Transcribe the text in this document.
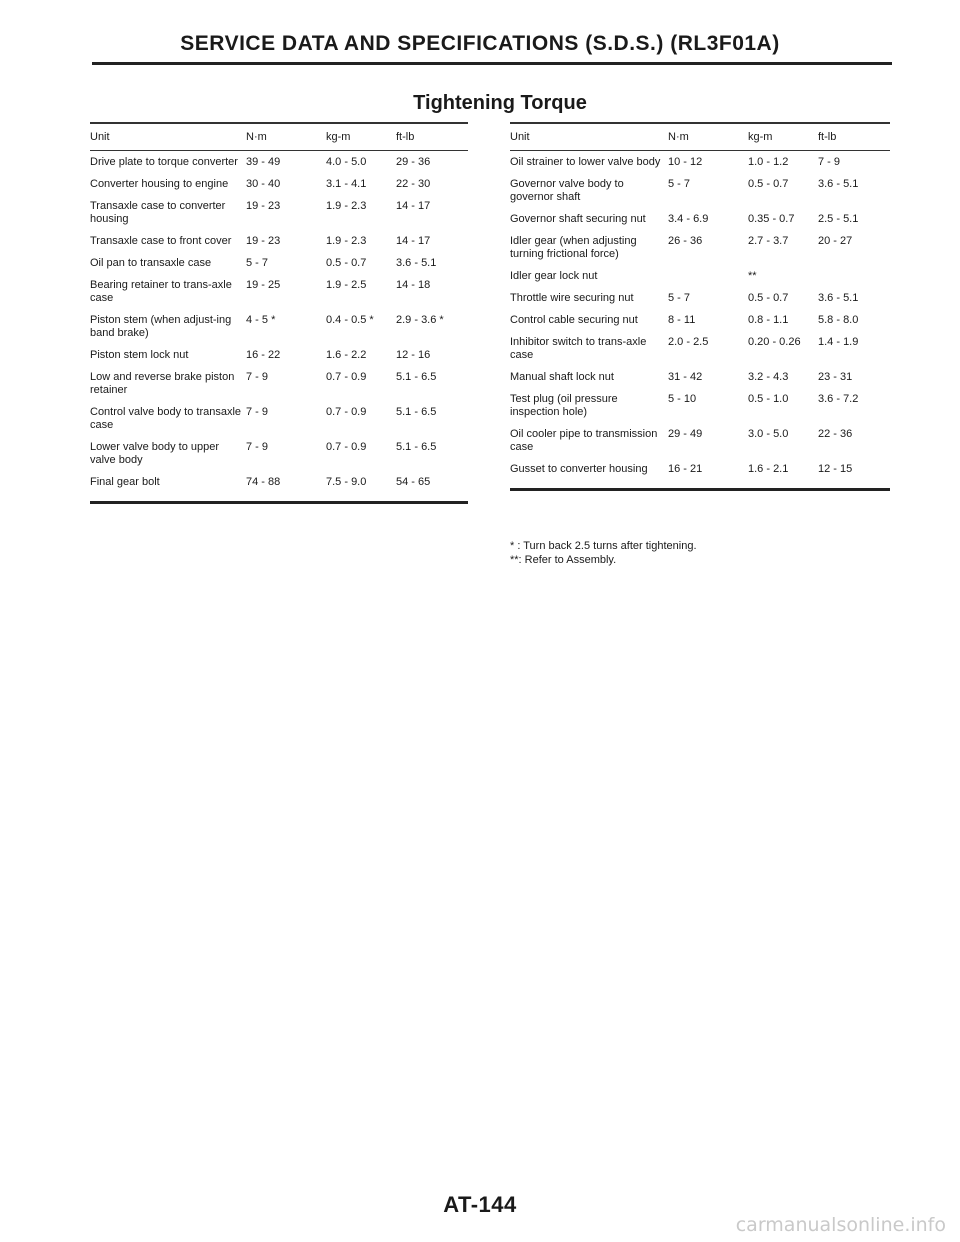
SERVICE DATA AND SPECIFICATIONS (S.D.S.) (RL3F01A)
Tightening Torque
Unit	N·m	kg-m	ft-lb
Drive plate to torque converter	39 - 49	4.0 - 5.0	29 - 36
Converter housing to engine	30 - 40	3.1 - 4.1	22 - 30
Transaxle case to converter housing	19 - 23	1.9 - 2.3	14 - 17
Transaxle case to front cover	19 - 23	1.9 - 2.3	14 - 17
Oil pan to transaxle case	5 - 7	0.5 - 0.7	3.6 - 5.1
Bearing retainer to trans-axle case	19 - 25	1.9 - 2.5	14 - 18
Piston stem (when adjust-ing band brake)	4 - 5 *	0.4 - 0.5 *	2.9 - 3.6 *
Piston stem lock nut	16 - 22	1.6 - 2.2	12 - 16
Low and reverse brake piston retainer	7 - 9	0.7 - 0.9	5.1 - 6.5
Control valve body to transaxle case	7 - 9	0.7 - 0.9	5.1 - 6.5
Lower valve body to upper valve body	7 - 9	0.7 - 0.9	5.1 - 6.5
Final gear bolt	74 - 88	7.5 - 9.0	54 - 65

Unit	N·m	kg-m	ft-lb
Oil strainer to lower valve body	10 - 12	1.0 - 1.2	7 - 9
Governor valve body to governor shaft	5 - 7	0.5 - 0.7	3.6 - 5.1
Governor shaft securing nut	3.4 - 6.9	0.35 - 0.7	2.5 - 5.1
Idler gear (when adjusting turning frictional force)	26 - 36	2.7 - 3.7	20 - 27
Idler gear lock nut		**	
Throttle wire securing nut	5 - 7	0.5 - 0.7	3.6 - 5.1
Control cable securing nut	8 - 11	0.8 - 1.1	5.8 - 8.0
Inhibitor switch to trans-axle case	2.0 - 2.5	0.20 - 0.26	1.4 - 1.9
Manual shaft lock nut	31 - 42	3.2 - 4.3	23 - 31
Test plug (oil pressure inspection hole)	5 - 10	0.5 - 1.0	3.6 - 7.2
Oil cooler pipe to transmission case	29 - 49	3.0 - 5.0	22 - 36
Gusset to converter housing	16 - 21	1.6 - 2.1	12 - 15

* : Turn back 2.5 turns after tightening.
**: Refer to Assembly.
AT-144
carmanualsonline.info
